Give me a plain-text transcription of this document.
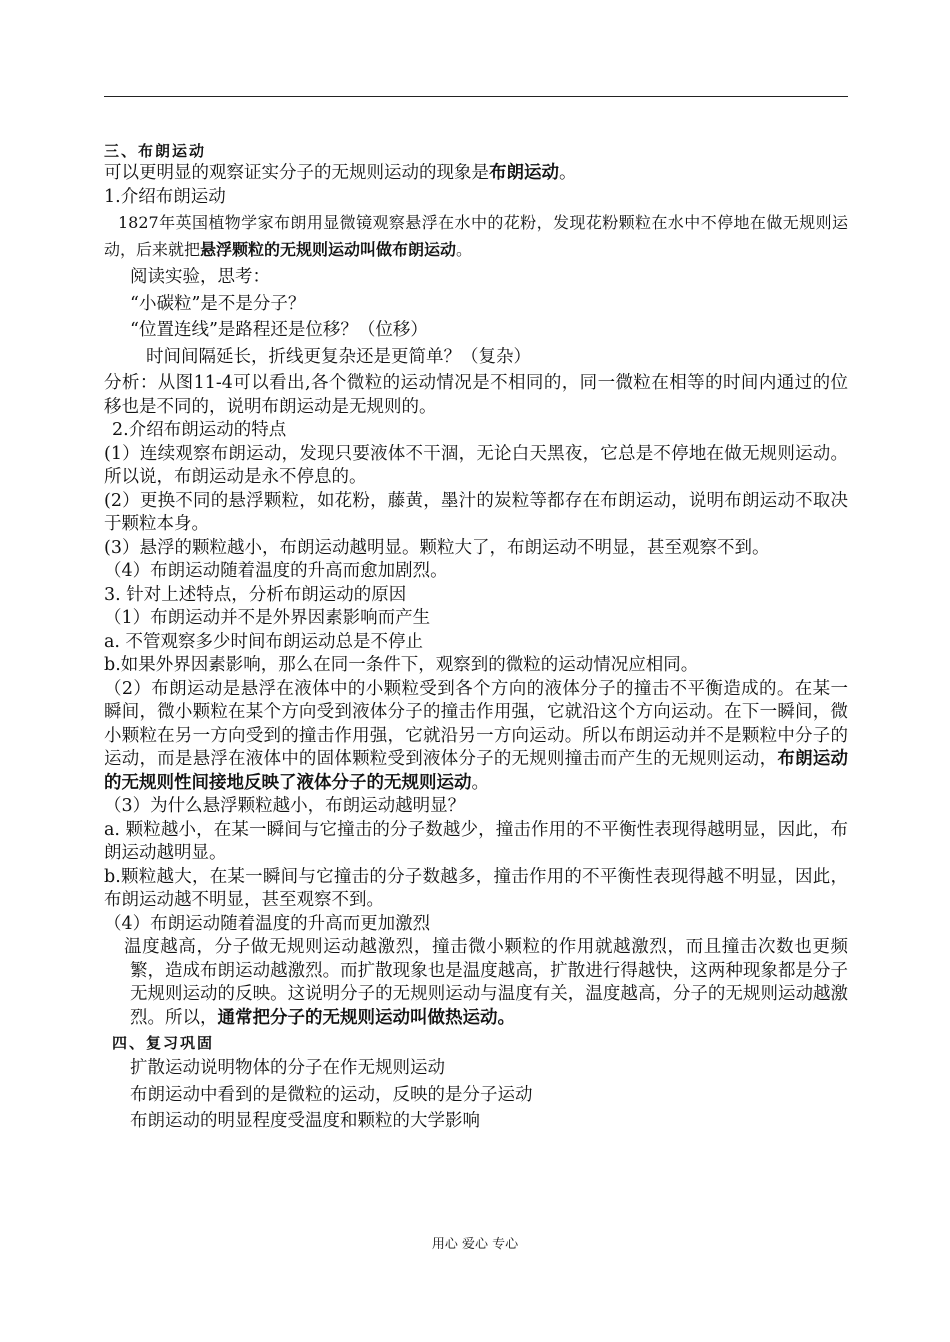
三、布朗运动

可以更明显的观察证实分子的无规则运动的现象是布朗运动。

1.介绍布朗运动

1827年英国植物学家布朗用显微镜观察悬浮在水中的花粉，发现花粉颗粒在水中不停地在做无规则运动，后来就把悬浮颗粒的无规则运动叫做布朗运动。

阅读实验，思考：

“小碳粒”是不是分子？

“位置连线”是路程还是位移？（位移）

时间间隔延长，折线更复杂还是更简单？（复杂）

分析：从图11-4可以看出,各个微粒的运动情况是不相同的，同一微粒在相等的时间内通过的位移也是不同的，说明布朗运动是无规则的。

2.介绍布朗运动的特点

(1）连续观察布朗运动，发现只要液体不干涸，无论白天黑夜，它总是不停地在做无规则运动。所以说，布朗运动是永不停息的。

(2）更换不同的悬浮颗粒，如花粉，藤黄，墨汁的炭粒等都存在布朗运动，说明布朗运动不取决于颗粒本身。

(3）悬浮的颗粒越小，布朗运动越明显。颗粒大了，布朗运动不明显，甚至观察不到。

（4）布朗运动随着温度的升高而愈加剧烈。

3. 针对上述特点，分析布朗运动的原因

（1）布朗运动并不是外界因素影响而产生

a. 不管观察多少时间布朗运动总是不停止

b.如果外界因素影响，那么在同一条件下，观察到的微粒的运动情况应相同。

（2）布朗运动是悬浮在液体中的小颗粒受到各个方向的液体分子的撞击不平衡造成的。在某一瞬间，微小颗粒在某个方向受到液体分子的撞击作用强，它就沿这个方向运动。在下一瞬间，微小颗粒在另一方向受到的撞击作用强，它就沿另一方向运动。所以布朗运动并不是颗粒中分子的运动，而是悬浮在液体中的固体颗粒受到液体分子的无规则撞击而产生的无规则运动，布朗运动的无规则性间接地反映了液体分子的无规则运动。

（3）为什么悬浮颗粒越小，布朗运动越明显？

a. 颗粒越小，在某一瞬间与它撞击的分子数越少，撞击作用的不平衡性表现得越明显，因此，布朗运动越明显。

b.颗粒越大，在某一瞬间与它撞击的分子数越多，撞击作用的不平衡性表现得越不明显，因此，布朗运动越不明显，甚至观察不到。

（4）布朗运动随着温度的升高而更加激烈

温度越高，分子做无规则运动越激烈，撞击微小颗粒的作用就越激烈，而且撞击次数也更频繁，造成布朗运动越激烈。而扩散现象也是温度越高，扩散进行得越快，这两种现象都是分子无规则运动的反映。这说明分子的无规则运动与温度有关，温度越高，分子的无规则运动越激烈。所以，通常把分子的无规则运动叫做热运动。

四、复习巩固

扩散运动说明物体的分子在作无规则运动

布朗运动中看到的是微粒的运动，反映的是分子运动

布朗运动的明显程度受温度和颗粒的大学影响

用心 爱心 专心
